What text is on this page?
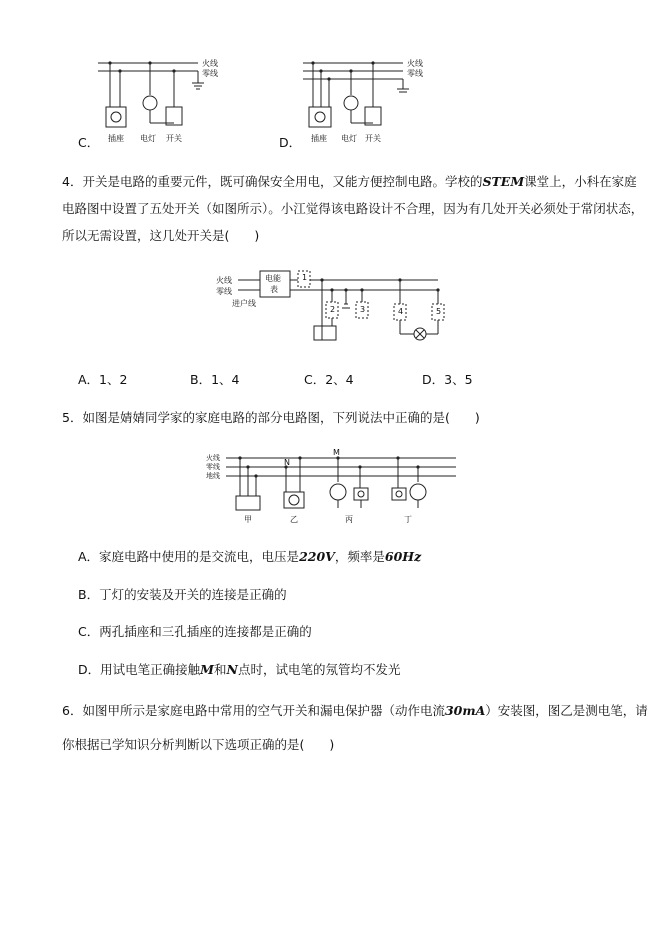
火线
零线
插座 电灯 开关
C．
火线
零线
插座 电灯 开关
D．
4．开关是电路的重要元件，既可确保安全用电，又能方便控制电路。学校的STEM课堂上，小科在家庭
电路图中设置了五处开关（如图所示）。小江觉得该电路设计不合理，因为有几处开关必须处于常闭状态，
所以无需设置，这几处开关是(　　)
火线
零线
进户线
电能
表
1
2	3	4	5
A．1、2	B．1、4	C．2、4	D．3、5
5．如图是婧婧同学家的家庭电路的部分电路图，下列说法中正确的是(　　)
火线
零线
地线
N
M
甲	乙	丙	丁
A．家庭电路中使用的是交流电，电压是220V，频率是60Hz
B．丁灯的安装及开关的连接是正确的
C．两孔插座和三孔插座的连接都是正确的
D．用试电笔正确接触M和N点时，试电笔的氖管均不发光
6．如图甲所示是家庭电路中常用的空气开关和漏电保护器（动作电流30mA）安装图，图乙是测电笔，请
你根据已学知识分析判断以下选项正确的是(　　)
